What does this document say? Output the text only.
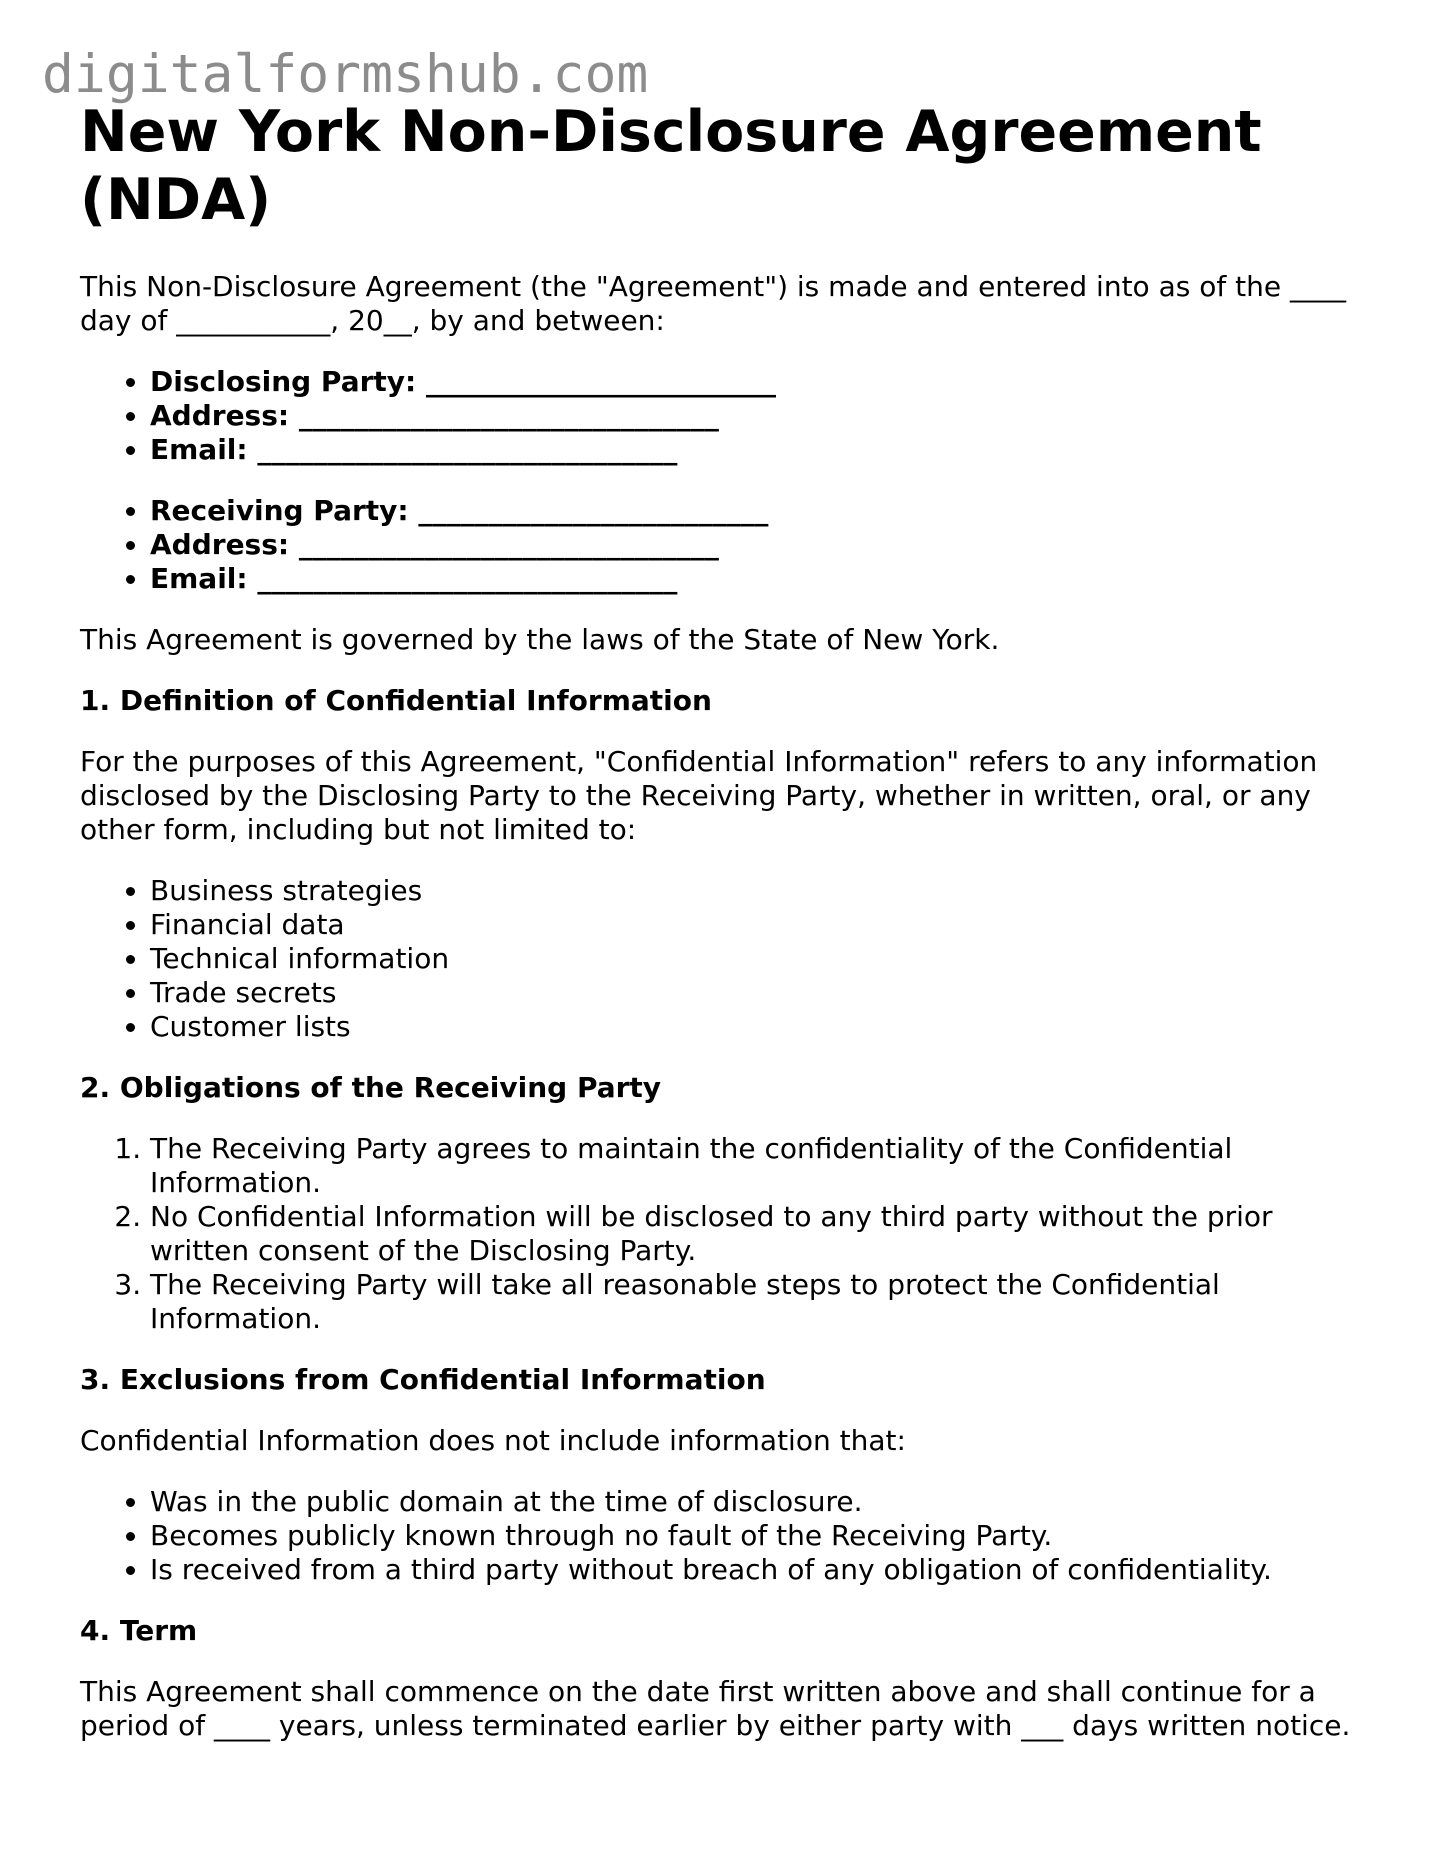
digitalformshub.com
New York Non-Disclosure Agreement (NDA)

This Non-Disclosure Agreement (the "Agreement") is made and entered into as of the ____ day of ___________, 20__, by and between:

• Disclosing Party: _________________________
• Address: ______________________________
• Email: ______________________________
• Receiving Party: _________________________
• Address: ______________________________
• Email: ______________________________

This Agreement is governed by the laws of the State of New York.

1. Definition of Confidential Information

For the purposes of this Agreement, "Confidential Information" refers to any information disclosed by the Disclosing Party to the Receiving Party, whether in written, oral, or any other form, including but not limited to:

• Business strategies
• Financial data
• Technical information
• Trade secrets
• Customer lists
2. Obligations of the Receiving Party
1. The Receiving Party agrees to maintain the confidentiality of the Confidential Information.
2. No Confidential Information will be disclosed to any third party without the prior written consent of the Disclosing Party.
3. The Receiving Party will take all reasonable steps to protect the Confidential Information.
3. Exclusions from Confidential Information

Confidential Information does not include information that:

• Was in the public domain at the time of disclosure.
• Becomes publicly known through no fault of the Receiving Party.
• Is received from a third party without breach of any obligation of confidentiality.
4. Term

This Agreement shall commence on the date first written above and shall continue for a period of ____ years, unless terminated earlier by either party with ___ days written notice.
